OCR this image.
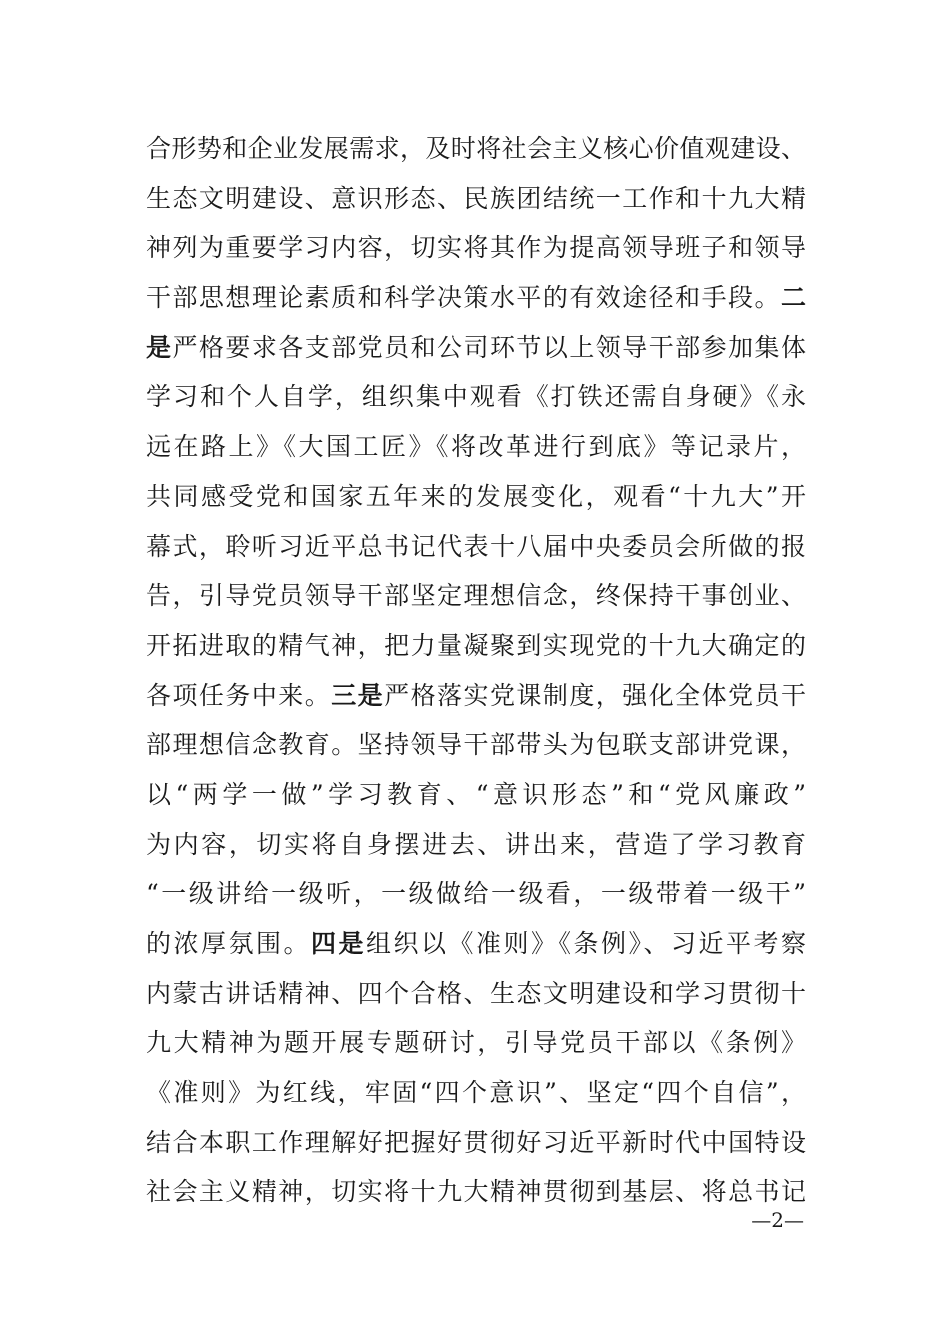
合形势和企业发展需求，及时将社会主义核心价值观建设、
生态文明建设、意识形态、民族团结统一工作和十九大精
神列为重要学习内容，切实将其作为提高领导班子和领导
干部思想理论素质和科学决策水平的有效途径和手段。二
是严格要求各支部党员和公司环节以上领导干部参加集体
学习和个人自学，组织集中观看《打铁还需自身硬》《永
远在路上》《大国工匠》《将改革进行到底》等记录片，
共同感受党和国家五年来的发展变化，观看“十九大”开
幕式，聆听习近平总书记代表十八届中央委员会所做的报
告，引导党员领导干部坚定理想信念，终保持干事创业、
开拓进取的精气神，把力量凝聚到实现党的十九大确定的
各项任务中来。三是严格落实党课制度，强化全体党员干
部理想信念教育。坚持领导干部带头为包联支部讲党课，
以“两学一做”学习教育、“意识形态”和“党风廉政”
为内容，切实将自身摆进去、讲出来，营造了学习教育
“一级讲给一级听，一级做给一级看，一级带着一级干”
的浓厚氛围。四是组织以《准则》《条例》、习近平考察
内蒙古讲话精神、四个合格、生态文明建设和学习贯彻十
九大精神为题开展专题研讨，引导党员干部以《条例》
《准则》为红线，牢固“四个意识”、坚定“四个自信”，
结合本职工作理解好把握好贯彻好习近平新时代中国特设
社会主义精神，切实将十九大精神贯彻到基层、将总书记
—2—
